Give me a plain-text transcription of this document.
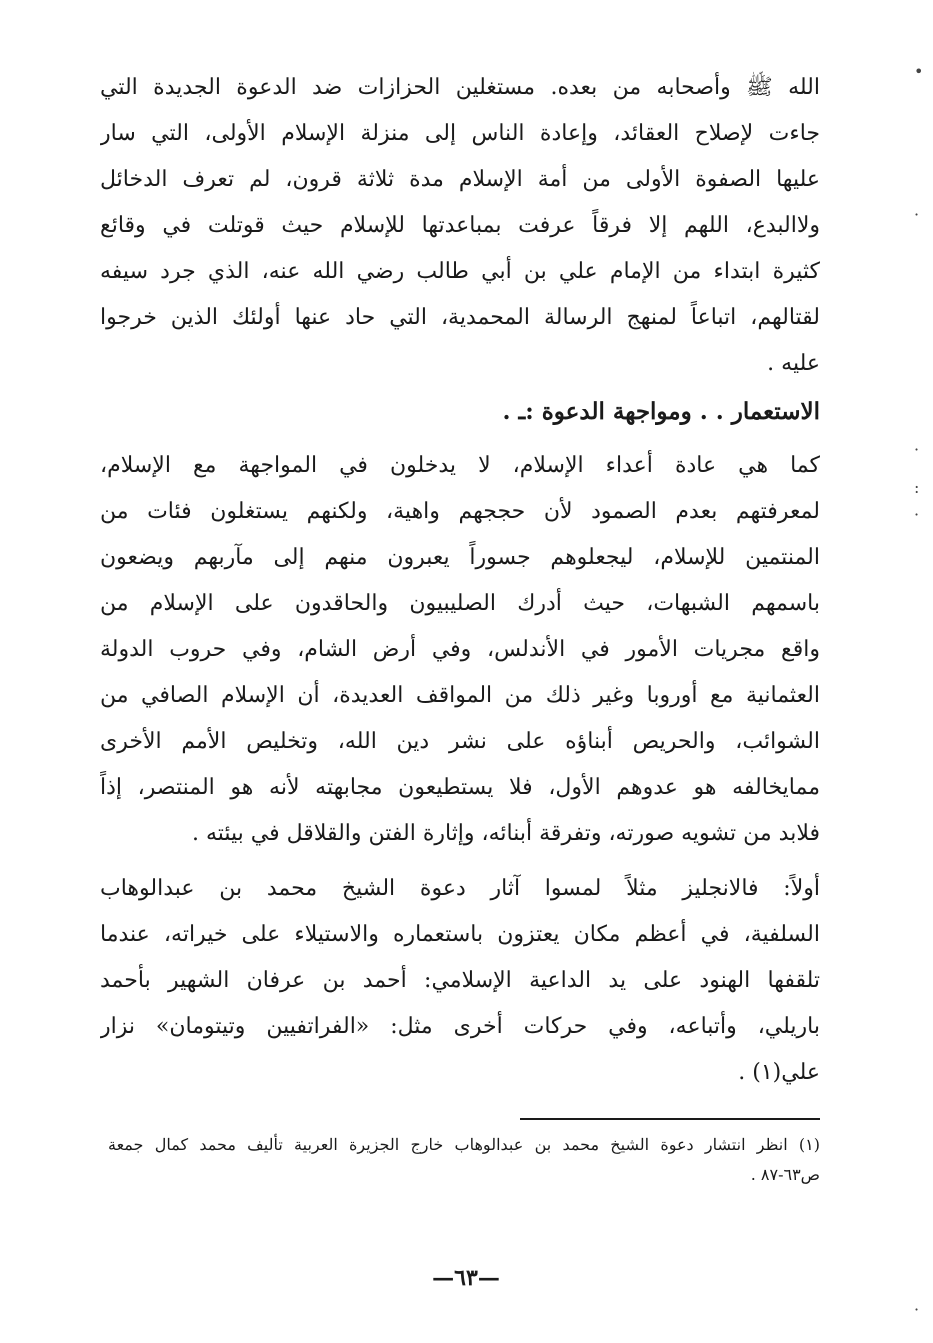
الله ﷺ وأصحابه من بعده. مستغلين الحزازات ضد الدعوة الجديدة التي
جاءت لإصلاح العقائد، وإعادة الناس إلى منزلة الإسلام الأولى، التي سار
عليها الصفوة الأولى من أمة الإسلام مدة ثلاثة قرون، لم تعرف الدخائل
ولاالبدع، اللهم إلا فرقاً عرفت بمباعدتها للإسلام حيث قوتلت في وقائع
كثيرة ابتداء من الإمام علي بن أبي طالب رضي الله عنه، الذي جرد سيفه
لقتالهم، اتباعاً لمنهج الرسالة المحمدية، التي حاد عنها أولئك الذين خرجوا
عليه .
الاستعمار . . ومواجهة الدعوة :ـ .
كما هي عادة أعداء الإسلام، لا يدخلون في المواجهة مع الإسلام،
لمعرفتهم بعدم الصمود لأن حججهم واهية، ولكنهم يستغلون فئات من
المنتمين للإسلام، ليجعلوهم جسوراً يعبرون منهم إلى مآربهم ويضعون
باسمهم الشبهات، حيث أدرك الصليبيون والحاقدون على الإسلام من
واقع مجريات الأمور في الأندلس، وفي أرض الشام، وفي حروب الدولة
العثمانية مع أوروبا وغير ذلك من المواقف العديدة، أن الإسلام الصافي من
الشوائب، والحريص أبناؤه على نشر دين الله، وتخليص الأمم الأخرى
ممايخالفه هو عدوهم الأول، فلا يستطيعون مجابهته لأنه هو المنتصر، إذاً
فلابد من تشويه صورته، وتفرقة أبنائه، وإثارة الفتن والقلاقل في بيئته .
أولاً: فالانجليز مثلاً لمسوا آثار دعوة الشيخ محمد بن عبدالوهاب
السلفية، في أعظم مكان يعتزون باستعماره والاستيلاء على خيراته، عندما
تلقفها الهنود على يد الداعية الإسلامي: أحمد بن عرفان الشهير بأحمد
باريلي، وأتباعه، وفي حركات أخرى مثل: «الفراتفيين وتيتومان» نزار
علي(١) .
(١) انظر انتشار دعوة الشيخ محمد بن عبدالوهاب خارج الجزيرة العربية تأليف محمد كمال جمعة
ص٦٣-٨٧ .
—٦٣—
•
·
·
:
·
·
